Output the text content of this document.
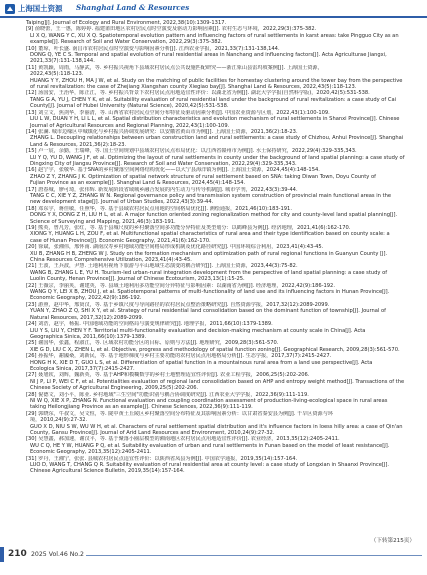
上海国土资源 Shanghai Land & Resources
Taiping]J]. Journal of Ecology and Rural Environment, 2022,38(10):1309-1317.
[9] 俞晓蕾，王一惠，陈婷婷. 福建莆田地区农村居民点时空演变及驱动力影响因素[J]. 农村生态与环境，2022,29(3):375-382.
LI X Q, WANG Y C, XU X Q. Spatiotemporal evolution pattern and influencing factors of rural settlements in karst areas: take Pingguo City as an
example[J]. Research of Soil and Water Conservation, 2022,29(3):375-382.
[10] 董琼，叶长盛. 南昌市农村居民点时空演变与影响因素分析[J]. 江西农业学报，2021,33(7):131-138,144.
DONG Q, YE C S. Temporal and spatial evolution of rural residential areas in Nanchang and influencing factors[J]. Acta Agriculturae Jiangxi,
2021,33(7):131-138,144.
[11] 黄凯颖，周雨，马静武，等. 乡村振兴视角下县域农村居民点公共设施匹配研究——浙江象山县雷坞坡案例[J]. 上海国土资源，
2022,43(5):118-123.
HUANG Y Y, ZHOU H, MA J W, et al. Study on the matching of public facilities for homestay clustering around the tower bay from the perspective
of rural revitalization: the case of Zhejiang Xiangshan county Xiegiao bay[J]. Shanghai Land & Resources, 2022,43(5):118-123.
[12] 汤国安，王治华，陈正江，等. 乡村振兴背景下农村居民点用地适宜性评价：以湖北省为例[J]. 湖北大学学报(自然科学版)，2020,42(5):531-538.
TANG G A, YU J, CHEN Y K, et al. Suitability evaluation of rural residential land under the background of rural revitalization: a case study of Cai
County[J]. Journal of Hubei University (Natural Science), 2020,42(5):531-538.
[13] 刘立文，焦剑华，李丽清，等. 山西省农村居民点空间分布特征及驱动因素分析[J]. 中国农业资源与区划，2022,43(1):100-109.
LIU L W, DUAN Y H, LI L L, et al. Spatial distribution characteristics and evolution mechanism of rural settlements in Shanxi Province[J]. Chinese
Journal of Agricultural Resources and Regional Planning, 2022,43(1):100-109.
[14] 张澜. 城市边缘区中城镇化与乡村振兴协调发展研究：以安徽省黄山市为例[J]. 上海国土资源，2021,36(2):18-23.
ZHANG L. Decoupling relationships between urban construction land and rural settlements: a case study of Chizhou, Anhui Province[J]. Shanghai
Land & Resources, 2021,36(2):18-23.
[15] 卢一宸，余勤，王瑞峰，等. 国土空间规划中县域农村居民点布局优化：以江西省赣州市为例[J]. 水土保持研究，2022,29(4):329-335,343.
LU Y Q, YU D, WANG J F, et al. Optimizing the layout of rural settlements in county under the background of land spatial planning: a case study of
Dingxing City of Jiangsu Province[J]. Research of Soil and Water Conservation, 2022,29(4):329-335,343.
[16] 赵宁宇，张敬华. 基于SNA的乡村聚落空间网络结构优化——以大宁县海洋镇为例[J]. 上海国土资源，2024,45(4):148-154.
ZHAO Z Y, ZHANG J K. Optimization of spatial network structure of rural settlement based on SNA: taking Diwan Town, Doyu County of
Fujian Province as an example[J]. Shanghai Land & Resources, 2024,45(4):148-154.
[17] 唐春城，廖可琦，张伟辉. 新发展阶段省域城乡融合发展的内生动力与传导机制[J]. 城市学刊，2022,43(3):39-44.
TANG C C, XIE Y Z, ZHANG W N. Regional governance policy and transmission system construction of provincial main functional areas in the
new development stage[J]. Journal of Urban Studies, 2022,43(3):39-44.
[18] 邓东宇，蒋佳敏，任照华，等. 基于县域农村居民点用地的空间格局优化[J]. 测绘通报，2021,46(10):183-191.
DONG Y X, DONG Z H, LIU H L, et al. A major function oriented zoning regionalization method for city and county-level land spatial planning[J].
Science of Surveying and Mapping, 2021,46(3):183-191.
[19] 熊英，曾凡芳，张红，等. 基于县城尺度的乡村聚落空间多功能分异特征及类型划分：以鹤峰县为例[J]. 经济地理，2021,41(6):162-170.
XIONG Y, HUANG L H, ZOU F, et al. Multifunctional spatial characteristics of rural area and their type identification based on county scale: a
case of Hunan Province[J]. Economic Geography, 2021,41(6):162-170.
[20] 徐斌，张湘伟，邢怀南. 湖南汉寿乡村地域功能空间格局形成机制及优化路径研究[J]. 中国环境综合利用，2023,41(4):43-45.
XU B, ZHANG H B, ZHENG W J. Study on the formation mechanism and optimization path of rural regional functions in Guanyun County [J].
China Resources Comprehensive Utilization, 2023,41(4):43-45.
[21] 王波，王兵波，尹慧. 土地利用视角下旅游与平山地域生态演变的耦合研究[J]. 上海国土资源，2023,44(3):75-82.
WANG B, ZHANG L E, YU H. Tourism-led urban-rural integration development from the perspective of land spatial planning: a case study of
Luolin County, Henan Province[J]. Journal of Chinese Ecotourism, 2023,13(1):15-25.
[22] 王薇宗，李丽英，谢建英，等. 县域土地利用多功能空间分异特征与影响因素：以湖南省为例[J]. 经济地理，2022,42(9):186-192.
WANG Q Y, LEI X B, ZHOU J, et al. Spatiotemporal patterns of multi-functionality of land use and its influencing factors in Hunan Province[J].
Economic Geography, 2022,42(9):186-192.
[23] 游照，赵中华，邢贤汉，等. 基于乡镇尺度与导向路径的农村居民点整治策略研究[J]. 自然资源学报，2017,32(12):2089-2099.
YUAN Y, ZHAO Z Q, SHI X Y, et al. Strategy of rural residential land consolidation based on the dominant function of township[J]. Journal of
Natural Resources, 2017,32(12):2089-2099.
[24] 刘浩，赵宇，杨振. 中国地域功能的空间格局与演变规律研究[J]. 地理学报，2011,66(10):1379-1389.
LIU Y S, LIU Y, CHEN Y F. Territorial multi-functionality evaluation and decision-making mechanism at county scale in China[J]. Acta
Geographica Sinica, 2011,66(10):1379-1389.
[25] 谢国华，张鑫，程淑江，等. 区域农村功能分区的目标、原则与方法[J]. 地理研究，2009,28(3):561-570.
XIE G D, LIU C X, ZHEN L, et al. Objective, progress and methodology of spatial function zoning[J]. Geographical Research, 2009,28(3):561-570.
[26] 孙振华，謝國桑，刘新民，等. 基于地形梯度与乡村主要功能的农村居民点用地格局分析[J]. 生态学报，2017,37(7):2415-2427.
HONG H K, XIE D T, GUO L S, et al. Differentiation of spatial function in a mountainous rural area from a land use perspective[J]. Acta
Ecologica Sinica, 2017,37(7):2415-2427.
[27] 聂旭钦，刘辉，魏新英，等. 基于AHP和模糊数学的乡村土地整理适宜性评价[J]. 农业工程学报，2006,25(5):202-206.
NI J P, LI P, WEI C F, et al. Potentialities evaluation of regional land consolidation based on AHP and entropy weight method[J]. Transactions of the
Chinese Society of Agricultural Engineering, 2009,25(5):202-206.
[28] 倪德文，刘小平，陈业. 乡村地域"三生空间"功能识别与耦合协调度研究[J]. 江西农业大学学报，2022,36(9):111-119.
NI W Q, XIE X P, ZHANG N. Functional evaluation and coupling coordination assessment of production-living-ecological space in rural areas
taking Heilongjiang Province as an example[J]. Chinese Sciences, 2022,36(9):111-119.
[29] 郭晓东，牛叔文，吴文恒，等. 陇中黄土丘陵区乡村聚落空间分布特征及其影响因素分析：以甘肃省秦安县为例[J]. 干旱区资源与环
境，2010,24(9):27-32.
GUO X D, NIU S W, WU W H, et al. Characters of rural settlement spatial distribution and it's influence factors in loess hilly area: a case of Qin'an
County, Gansu Province[J]. Journal of Arid Land Resources and Environment, 2010,24(9):27-32.
[30] 吴慧鑫，郝加速，谢汉平，等. 基于聚落小圈层模型的湘南地区农村居民点用地适宜性评价[J]. 农业经济，2013,35(12):2405-2411.
WU C Q, HE Y W, HUANG P Q, et al. Suitability evaluation of urban and rural settlements in Funan based on the model of least resistance[J].
Economic Geography, 2013,35(12):2405-2411.
[31] 罗丹，王湘宁，张张. 县城农村居民点适宜性评价：以陕西省凤县为例[J]. 中国农学通报，2019,35(14):157-164.
LUO D, WANG T, CHANG Q R. Suitability evaluation of rural residential area at county level: a case study of Longxian in Shaanxi Province[J].
Chinese Agricultural Science Bulletin, 2019,35(14):157-164.
（下转第215页）
210 2025 Vol.46 No.2
